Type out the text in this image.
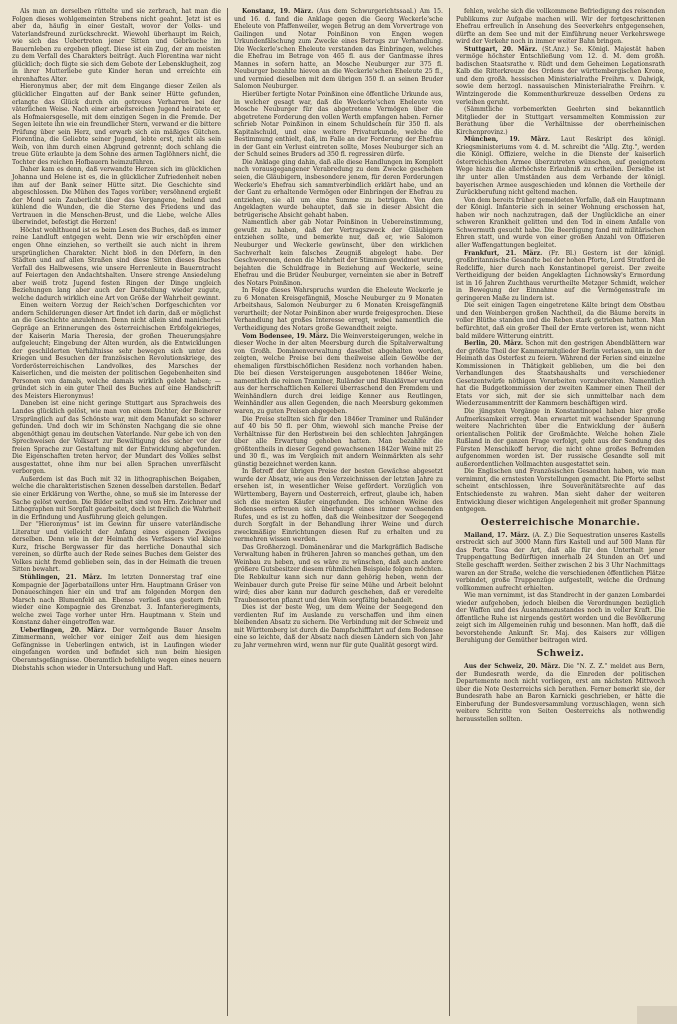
Als man an derselben rüttelte und sie zerbrach, hat man die Folgen dieses wohlgemeinten Strebens nicht geahnt. Jetzt ist es aber da, häufig in einer Gestalt, wovor der Volks- und Vaterlandsfreund zurückschreckt. Wiewohl überhaupt im Reich, wie sich das Uebertreten jener Sitten und Gebräuche im Bauernleben zu ergeben pflegt. Diese ist ein Zug, der am meisten zu dem Verfall des Charakters beiträgt. Auch Florentina war nicht glücklich; doch fügte sie sich dem Gebote der Lebensklugheit, zog in ihrer Mutterliebe gute Kinder heran und erreichte ein ehrenhaftes Alter.

Hieronymus aber, der mit dem Eingange dieser Zeilen als glücklicher Eingatten auf der Bank seiner Hütte gefunden, erlangte das Glück durch ein getreues Verharren bei der väterlichen Weise. Nach einer arbeitsreichen Jugend heiratete er, als Hofmaiersgeselle, mit dem einzigen Segen in die Fremde. Der Segen leitete ihn wie ein freundlicher Stern, verwand er die bittere Prüfung über sein Herz, und erwarb sich ein mäßiges Gütchen. Florentina, die Geliebte seiner Jugend, lebte erst, nicht als sein Weib, von ihm durch einen Abgrund getrennt; doch schlang die treue Güte erlaubte ja dem Sohne des armen Taglöhners nicht, die Tochter des reichen Hofbauern heimzuführen.

Daher kam es denn, daß verwandte Herzen sich im glücklichen Johanna und Helene ist es, die in glücklicher Zufriedenheit neben ihm auf der Bank seiner Hütte sitzt. Die Geschichte sind abgeschlossen. Die Mühen des Tages vorüber; versöhnend ergießt der Mond sein Zauberlicht über das Vergangene, heilend und kühlend die Wunden, die die Sterne des Friedens und das Vertrauen in die Menschen-Brust, und die Liebe, welche Alles überwindet, befestigt die Herzen!

Höchst wohlthuend ist es beim Lesen des Buches, daß es immer reine Landluft entgegen weht. Denn wie wir erschöpfen einer engen Ohne einziehen, so vertheilt sie auch nicht in ihrem ursprünglichen Charakter. Nicht bloß in den Dörfern, in den Städten und auf allen Straßen sind diese Sitten dieses Buches Verfall des Halbwesens, wie unsere Herrenleute in Bauerntracht auf Feiertagen den Andachtshalten. Unsere strenge Ansiedelung aber weiß trotz Jugend festen Ringen der Dinge ungleich Beziehungen lang aber auch der Darstellung wieder zugute, welche dadurch wirklich eine Art von Größe der Wahrheit gewinnt.

Einen weitern Vorzug der Reich'schen Dorfgeschichten vor andern Schilderungen dieser Art findet ich darin, daß er möglichst an die Geschichte anzulehnen. Denn nicht allein sind manicherlei Gepräge an Erinnerungen des österreichischen Erbfolgekrieges, der Kaiserin Maria Theresia, der großen Theuerungsjahre aufgeleucht; Eingebung der Alten wurden, als die Entwicklungen der geschilderten Verhältnisse sehr bewegen sich unter des Kriegen und Besuchen der französischen Revolutionskriege, des Vorderösterreichischen Landvolkes, des Marsches der Kaiserlichen, und die meisten der politischen Gegebenheiten sind Personen von damals, welche damals wirklich gelebt haben; — gründet sich in ein guter Theil des Buches auf eine Handschrift des Meisters Hieronymus!

Daneben ist eine nicht geringe Stuttgart aus Sprachweis des Landes glücklich gelöst, wie man von einem Dichter, der Beinerer Ursprünglich auf das Schönste war, mit dem Manufakt so schwer gefunden. Und doch wir im Schönsten Nachgang die sie ohne abgenöthigt genau im deutschen Vaterlande. Nur gebe ich von den Sprechweisen der Volksart zur Bewältigung des sicher vor der freien Sprache zur Gestaltung mit der Entwicklung abgefunden. Die Eigenschaften treten hervor, der Mundart des Volkes selbst ausgestattet, ohne ihm nur bei allen Sprachen unverfälscht verborgen.

Außerdem ist das Buch mit 32 in lithographischen Beigaben, welche die charakteristischen Szenen desselben darstellen. Bedarf sie einer Erklärung von Werthe, ohne, so muß sie im Interesse der Sache gelöst werden. Die Bilder selbst sind von Hrn. Zeichner und Lithographen mit Sorgfalt gearbeitet, doch ist freilich die Wahrheit in die Erfindung und Ausführung gleich gelungen.

Der "Hieronymus" ist im Gewinn für unsere vaterländische Literatur und vielleicht der Anfang eines eigenen Zweiges derselben. Denn wie in der Heimath des Verfassers viel kleine Kurz, frische Bergwasser für das herrliche Donauthal sich vereinen, so dürfte auch der Rede seines Buches dem Geister des Volkes nicht fremd geblieben sein, das in der Heimath die treuen Sitten bewahrt.

Stühlingen, 21. März. Im letzten Donnerstag traf eine Kompagnie der Jägerbataillons unter Hrn. Hauptmann Gräser von Donaueschingen hier ein und traf am folgenden Morgen den Marsch nach Blumenfeld an. Ebenso verließ uns gestern früh wieder eine Kompagnie des Grenzbat. 3. Infanterieregiments, welche zwei Tage vorher unter Hrn. Hauptmann v. Stein und Konstanz daher eingetroffen war.

Ueberlingen, 20. März. Der vermögende Bauer Anselm Zimmermann, welcher vor einiger Zeit aus dem hiesigen Gefängnisse in Ueberlingen entwich, ist in Laufingen wieder eingefangen worden und befindet sich nun beim hiesigen Oberamtsgefängnisse. Oberamtlich befehligte wegen eines neuern Diebstahls schon wieder in Untersuchung und Haft.

Konstanz, 19. März. (Aus dem Schwurgerichtssaal.) Am 15. und 16. d. fand die Anklage gegen die Georg Weckerle'sche Eheleute von Pfaffenweiler, wegen Betrug an dem Vorvertrage von Gailingen und Notar Poinßinon von Engen wegen Urkundenfälschung zum Zwecke eines Betrugs zur Verhandlung. Die Weckerle'schen Eheleute verstanden das Einbringen, welches die Ehefrau im Betrage von 465 fl. aus der Gantmasse ihres Mannes in sofern hatte, an Mosche Neuburger zur 375 fl. Neuburger bezahlte hievon an die Weckerle'schen Eheleute 25 fl., und vermied dieselben mit dem übrigen 350 fl. an seinen Bruder Salomon Neuburger.

Hierüber fertigte Notar Poinßinon eine öffentliche Urkunde aus, in welcher gesagt war, daß die Weckerle'schen Eheleute von Mosche Neuburger für das abgetretene Vermögen über die abgetretene Forderung den vollen Werth empfangen haben. Ferner schrieb Notar Poinßinon in einem Schuldschein für 350 fl. als Kapitalschuld, und eine weitere Privaturkunde, welche die Bestimmung enthielt, daß, im Falle an der Forderung der Ehefrau in der Gant ein Verlust eintreten sollte, Moses Neuburger sich an der Schuld seines Bruders ad 350 fl. regressiren dürfe.

Die Anklage ging dahin, daß alle diese Handlungen im Komplott nach vorausgegangener Verabredung zu dem Zwecke geschehen seien, die Gläubigern, insbesondere jenem, für deren Forderungen Weckerle's Ehefrau sich sammtverbindlich erklärt habe, und an der Gant zu erhaltende Vermögen oder Einbringen der Ehefrau zu entziehen, sie all um eine Summe zu betrügen. Von den Angeklagten wurde behauptet, daß sie in dieser Absicht die betrügerische Absicht gehabt haben.

Namentlich aber gab Notar Poinßinon in Uebereinstimmung, gewußt zu haben, daß der Vertragszweck der Gläubigern entziehen sollte, und bemerkte nur, daß er, wie Salomon Neuburger und Weckerle gewünscht, über den wirklichen Sachverhalt kein falsches Zeugniß abgelegt habe. Der Geschworenen, denen die Mehrheit der Stimmen gewidmet wurde, bejahten die Schuldfrage in Beziehung auf Weckerle, seine Ehefrau und die Brüder Neuburger, verneinten sie aber in Betreff des Notars Poinßinon.

In Folge dieses Wahrspruchs wurden die Eheleute Weckerle je zu 6 Monaten Kreisgefängniß, Mosche Neuburger zu 9 Monaten Arbeitshaus, Salomon Neuburger zu 6 Monaten Kreisgefängniß verurtheilt; der Notar Poinßinon aber wurde freigesprochen. Diese Verhandlung hat großes Interesse erregt, wobei namentlich die Vertheidigung des Notars große Gewandtheit zeigte.

Vom Bodensee, 19. März. Die Weinversteigerungen, welche in dieser Woche in der alten Meersburg durch die Spitalverwaltung von Großh. Domänenverwaltung daselbst abgehalten worden, zeigten, welche Preise bei dem theilweise allein Gewölbe der ehemaligen fürstbischöflichen Residenz noch vorhanden haben. Die bei diesen Versteigerungen ausgebotenen 1846er Weine, namentlich die reinen Traminer, Ruländer und Blauklävner wurden aus der herrschaftlichen Kellerei überraschend den Fremdem und Weinhändlern durch drei leidige Kenner aus Reutlingen, Weinhändler aus allen Gegenden, die nach Meersburg gekommen waren, zu guten Preisen abgegeben.

Die Preise stellten sich für den 1846er Traminer und Ruländer auf 40 bis 50 fl. per Ohm, wiewohl sich manche Preise der Verhältnisse für den Herbstwein bei den schlechten Jahrgängen über alle Erwartung gehoben hatten. Man bezahlte die größtentheils in dieser Gegend gewachsenen 1842er Weine mit 25 und 30 fl., was im Vergleich mit andern Weinmärkten als sehr günstig bezeichnet werden kann.

In Betreff der übrigen Preise der besten Gewächse abgesetzt wurde der Absatz, wie aus den Verzeichnissen der letzten Jahre zu ersehen ist, in wesentlicher Weise gefördert. Vorzüglich von Württemberg, Bayern und Oesterreich, erfreut, glaube ich, haben sich die meisten Käufer eingefunden. Die schönen Weine des Bodensees erfreuen sich überhaupt eines immer wachsenden Rufes, und es ist zu hoffen, daß die Weinbesitzer der Seegegend durch Sorgfalt in der Behandlung ihrer Weine und durch zweckmäßige Einrichtungen diesen Ruf zu erhalten und zu vermehren wissen werden.

Das Großherzogl. Domänenärar und die Markgräflich Badische Verwaltung haben in früheren Jahren so manches gethan, um den Weinbau zu heben, und es wäre zu wünschen, daß auch andere größere Gutsbesitzer diesem rühmlichen Beispiele folgen möchten. Die Rebkultur kann sich nur dann gehörig heben, wenn der Weinbauer durch gute Preise für seine Mühe und Arbeit belohnt wird; dies aber kann nur dadurch geschehen, daß er veredelte Traubensorten pflanzt und den Wein sorgfältig behandelt.

Dies ist der beste Weg, um dem Weine der Seegegend den verdienten Ruf im Auslande zu verschaffen und ihm einen bleibenden Absatz zu sichern. Die Verbindung mit der Schweiz und mit Württemberg ist durch die Dampfschifffahrt auf dem Bodensee eine so leichte, daß der Absatz nach diesen Ländern sich von Jahr zu Jahr vermehren wird, wenn nur für gute Qualität gesorgt wird.

fehlen, welche sich die vollkommene Befriedigung des reisenden Publikums zur Aufgabe machen will. Wir der fortgeschrittenen Ehefrau erfreulich in Ansehung des Seeverkehrs entgegensehen, dürfte an dem See und mit der Einführung neuer Verkehrswege wird der Verkehr noch in immer weiter Bahn bringen.

Stuttgart, 20. März. (St.Anz.) Se. Königl. Majestät haben vermöge höchster Entschließung vom 12. d. M. dem großh. badischen Staatsrathe v. Rüdt und dem Geheimen Legationsrath Kalb die Ritterkreuze des Ordens der württembergischen Krone, und dem großh. hessischen Ministerialrathe Freihrn. v. Dalwigk, sowie dem herzogl. nassauischen Ministerialrathe Freihrn. v. Wintzingerode die Kommenthurkreuze desselben Ordens zu verleihen geruht.

(Sämmtliche vorbemerkten Geehrten sind bekanntlich Mitglieder der in Stuttgart versammelten Kommission zur Berathung über die Verhältnisse der oberrheinischen Kirchenprovinz.)

München, 19. März. Laut Reskript des königl. Kriegsministeriums vom 4. d. M. schreibt die "Allg. Ztg.", werden die Königl. Offiziere, welche in die Dienste der kaiserlich österreichischen Armee überzutreten wünschen, auf geeignetem Wege hiezu die allerhöchste Erlaubniß zu ertheilen. Derselbe ist ihr unter allen Umständen aus dem Verbande der königl. bayerischen Armee ausgeschieden und können die Vortheile der Zurückberufung nicht geltend machen.

Von dem bereits früher gemeldeten Vorfalle, daß ein Hauptmann der Königl. Infanterie sich in seiner Wohnung erschossen hat, haben wir noch nachzutragen, daß der Unglückliche an einer schweren Krankheit gelitten und den Tod in einem Anfalle von Schwermuth gesucht habe. Die Beerdigung fand mit militärischen Ehren statt, und wurde von einer großen Anzahl von Offizieren aller Waffengattungen begleitet.

Frankfurt, 21. März. (Fr. Bl.) Gestern ist der königl. großbritannische Gesandte bei der hohen Pforte, Lord Stratford de Redcliffe, hier durch nach Konstantinopel gereist. Der zweite Vertheidigung der beiden Angeklagten Lichnowsky's Ermordung ist in 16 Jahren Zuchthaus verurtheilte Metzger Schmidt, welcher in Bewegung der Einnahme auf die Vermögensstrafe im geringeren Maße zu lindern ist.

Die seit einigen Tagen eingetretene Kälte bringt dem Obstbau und den Weinbergen großen Nachtheil, da die Bäume bereits in voller Blüthe standen und die Reben stark getrieben hatten. Man befürchtet, daß ein großer Theil der Ernte verloren ist, wenn nicht bald mildere Witterung eintritt.

Berlin, 20. März. Schon mit den gestrigen Abendblättern war der größte Theil der Kammermitglieder Berlin verlassen, um in der Heimath das Osterfest zu feiern. Während der Ferien sind einzelne Kommissionen in Thätigkeit geblieben, um die bei den Verhandlungen des Staatshaushalts und verschiedener Gesetzentwürfe nöthigen Vorarbeiten vorzubereiten. Namentlich hat die Budgetkommission der zweiten Kammer einen Theil der Etats vor sich, mit der sie sich unmittelbar nach dem Wiederzusammentritt der Kammern beschäftigen wird.

Die jüngsten Vorgänge in Konstantinopel haben hier große Aufmerksamkeit erregt. Man erwartet mit wachsender Spannung weitere Nachrichten über die Entwicklung der äußern orientalischen Politik der Großmächte. Welche hohen Ziele Rußland in der ganzen Frage verfolgt, geht aus der Sendung des Fürsten Menschikoff hervor, die nicht ohne großes Befremden aufgenommen worden ist. Der russische Gesandte soll mit außerordentlichen Vollmachten ausgestattet sein.

Die Englischen und Französischen Gesandten haben, wie man vernimmt, die ernstesten Vorstellungen gemacht. Die Pforte selbst scheint entschlossen, ihre Souveränitätsrechte auf das Entschiedenste zu wahren. Man sieht daher der weiteren Entwicklung dieser wichtigen Angelegenheit mit großer Spannung entgegen.

Oesterreichische Monarchie.

Mailand, 17. März. (A. Z.) Die Sequestration unseres Kastells erstreckt sich auf 3000 Mann fürs Kastell und auf 500 Mann für das Porta Tosa der Art, daß alle für den Unterhalt jener Truppengattung Bedürftigen innerhalb 24 Stunden an Ort und Stelle geschafft werden. Seither zwischen 2 bis 3 Uhr Nachmittags waren an der Straße, welche die verschiedenen öffentlichen Plätze verbindet, große Truppenzüge aufgestellt, welche die Ordnung vollkommen aufrecht erhielten.

Wie man vernimmt, ist das Standrecht in der ganzen Lombardei wieder aufgehoben, jedoch bleiben die Verordnungen bezüglich der Waffen und des Ausnahmezustandes noch in voller Kraft. Die öffentliche Ruhe ist nirgends gestört worden und die Bevölkerung zeigt sich im Allgemeinen ruhig und besonnen. Man hofft, daß die bevorstehende Ankunft Sr. Maj. des Kaisers zur völligen Beruhigung der Gemüther beitragen wird.

Schweiz.

Aus der Schweiz, 20. März. Die "N. Z. Z." meldet aus Bern, der Bundesrath werde, da die Einreden der politischen Departemente noch nicht vorliegen, erst am nächsten Mittwoch über die Note Oesterreichs sich berathen. Ferner bemerkt sie, der Bundesrath habe an Baron Karnicki geschrieben, er hätte die Einberufung der Bundesversammlung vorzuschlagen, wenn sich weitere Schritte von Seiten Oesterreichs als nothwendig herausstellen sollten.
